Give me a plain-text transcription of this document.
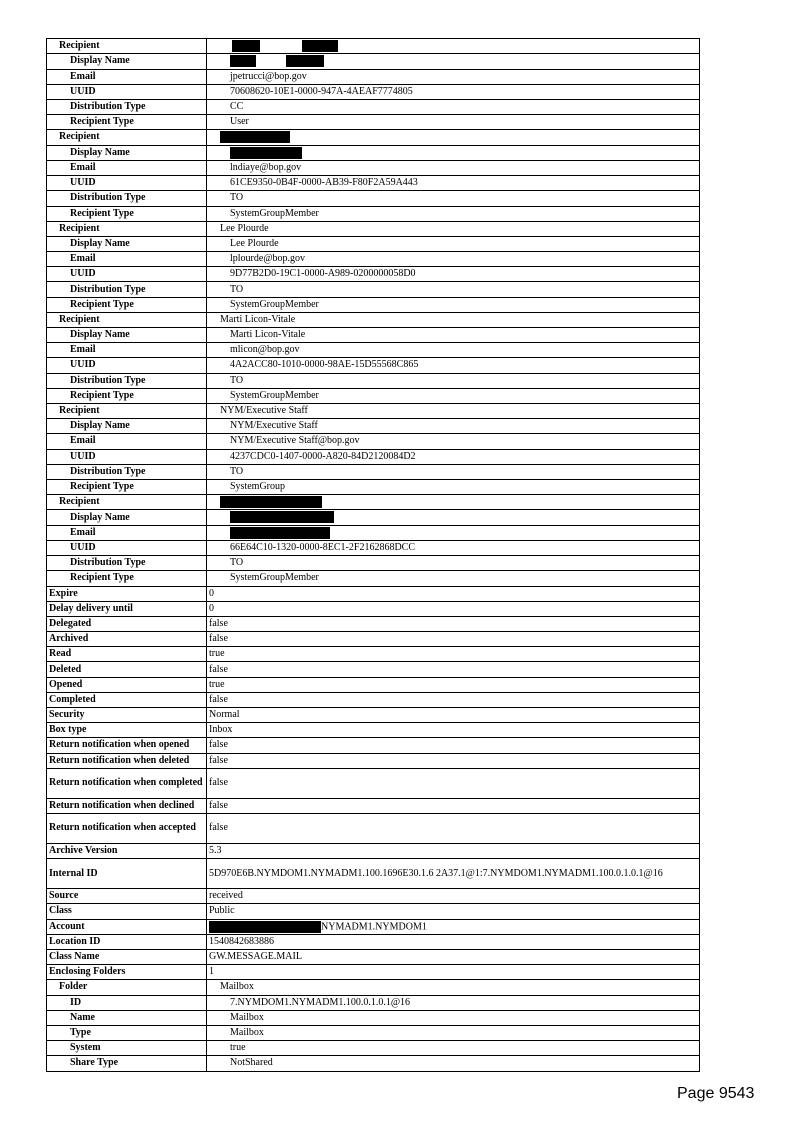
Recipient	
Display Name	
Email	jpetrucci@bop.gov
UUID	70608620-10E1-0000-947A-4AEAF7774805
Distribution Type	CC
Recipient Type	User
Recipient	
Display Name	
Email	lndiaye@bop.gov
UUID	61CE9350-0B4F-0000-AB39-F80F2A59A443
Distribution Type	TO
Recipient Type	SystemGroupMember
Recipient	Lee Plourde
Display Name	Lee Plourde
Email	lplourde@bop.gov
UUID	9D77B2D0-19C1-0000-A989-0200000058D0
Distribution Type	TO
Recipient Type	SystemGroupMember
Recipient	Marti Licon-Vitale
Display Name	Marti Licon-Vitale
Email	mlicon@bop.gov
UUID	4A2ACC80-1010-0000-98AE-15D55568C865
Distribution Type	TO
Recipient Type	SystemGroupMember
Recipient	NYM/Executive Staff
Display Name	NYM/Executive Staff
Email	NYM/Executive Staff@bop.gov
UUID	4237CDC0-1407-0000-A820-84D2120084D2
Distribution Type	TO
Recipient Type	SystemGroup
Recipient	
Display Name	
Email	
UUID	66E64C10-1320-0000-8EC1-2F2162868DCC
Distribution Type	TO
Recipient Type	SystemGroupMember
Expire	0
Delay delivery until	0
Delegated	false
Archived	false
Read	true
Deleted	false
Opened	true
Completed	false
Security	Normal
Box type	Inbox
Return notification when opened	false
Return notification when deleted	false
Return notification when completed	false
Return notification when declined	false
Return notification when accepted	false
Archive Version	5.3
Internal ID	5D970E6B.NYMDOM1.NYMADM1.100.1696E30.1.6 2A37.1@1:7.NYMDOM1.NYMADM1.100.0.1.0.1@16
Source	received
Class	Public
Account	NYMADM1.NYMDOM1
Location ID	1540842683886
Class Name	GW.MESSAGE.MAIL
Enclosing Folders	1
Folder	Mailbox
ID	7.NYMDOM1.NYMADM1.100.0.1.0.1@16
Name	Mailbox
Type	Mailbox
System	true
Share Type	NotShared
Page 9543
